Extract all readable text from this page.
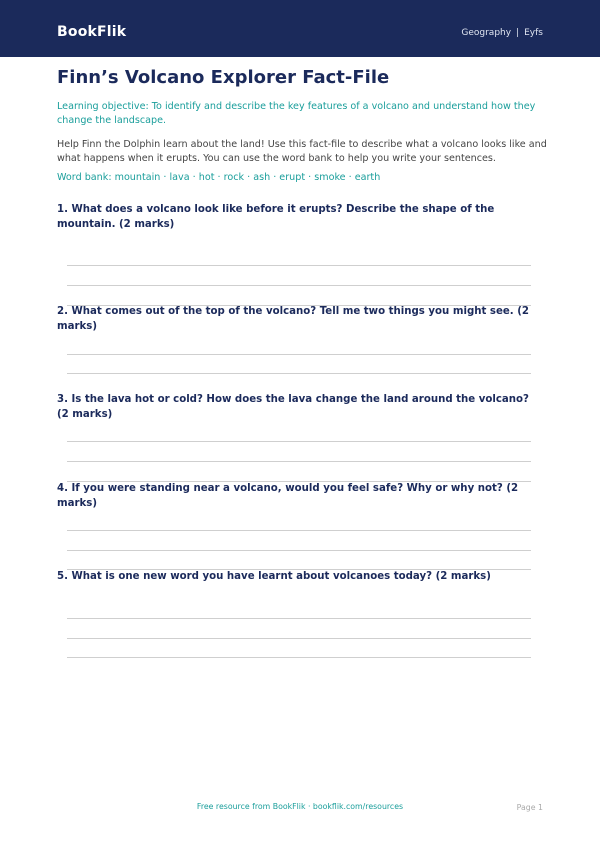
BookFlik	Geography | Eyfs
Finn’s Volcano Explorer Fact-File
Learning objective: To identify and describe the key features of a volcano and understand how they change the landscape.
Help Finn the Dolphin learn about the land! Use this fact-file to describe what a volcano looks like and what happens when it erupts. You can use the word bank to help you write your sentences.
Word bank: mountain · lava · hot · rock · ash · erupt · smoke · earth
1. What does a volcano look like before it erupts? Describe the shape of the mountain. (2 marks)
2. What comes out of the top of the volcano? Tell me two things you might see. (2 marks)
3. Is the lava hot or cold? How does the lava change the land around the volcano? (2 marks)
4. If you were standing near a volcano, would you feel safe? Why or why not? (2 marks)
5. What is one new word you have learnt about volcanoes today? (2 marks)
Free resource from BookFlik · bookflik.com/resources	Page 1
